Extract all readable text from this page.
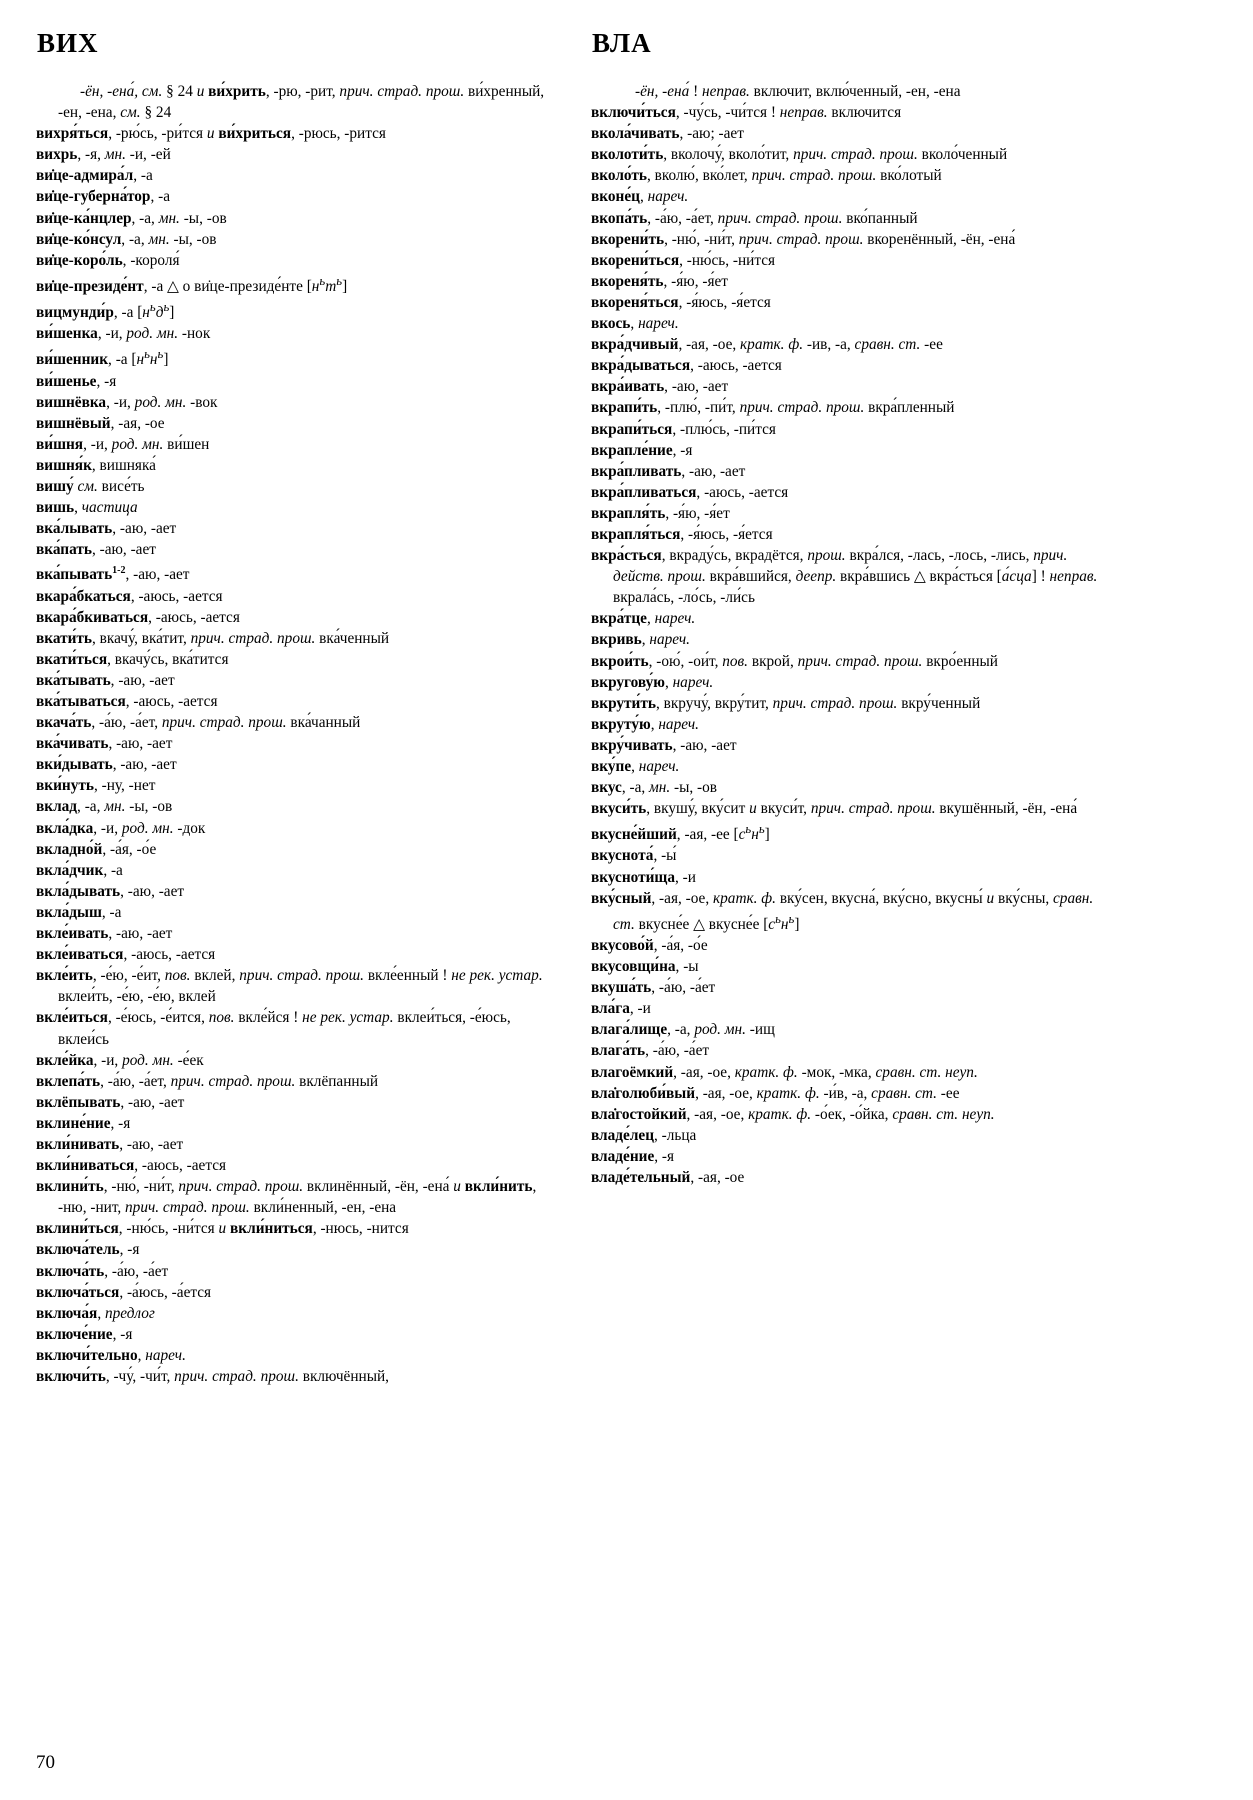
ВИХ	ВЛА
-ён, -ена́, см. § 24 и ви́хрить, -рю, -рит, прич. страд. прош. ви́хренный, -ен, -ена, см. § 24
вихря́ться, -рю́сь, -ри́тся и ви́хриться, -рюсь, -рится
вихрь, -я, мн. -и, -ей
ви̇це-адмира́л, -а
ви̇це-губерна́тор, -а
ви̇це-ка́нцлер, -а, мн. -ы, -ов
ви̇це-ко́нсул, -а, мн. -ы, -ов
ви̇це-коро́ль, -короля́
ви̇це-президе́нт, -а △ о ви̇це-президе́нте $[н^ьт^ь]$
вицмунди́р, -а $[н^ьд^ь]$
ви́шенка, -и, род. мн. -нок
ви́шенник, -а $[н^ьн^ь]$
ви́шенье, -я
вишнёвка, -и, род. мн. -вок
вишнёвый, -ая, -ое
ви́шня, -и, род. мн. ви́шен
вишня́к, вишняка́
вишу́ см. висе́ть
вишь, частица
вка́лывать, -аю, -ает
вка́пать, -аю, -ает
вка́пывать$^{1-2}$, -аю, -ает
вкара́бкаться, -аюсь, -ается
вкара́бкиваться, -аюсь, -ается
вкати́ть, вкачу́, вка́тит, прич. страд. прош. вка́ченный
вкати́ться, вкачу́сь, вка́тится
вка́тывать, -аю, -ает
вка́тываться, -аюсь, -ается
вкача́ть, -а́ю, -а́ет, прич. страд. прош. вка́чанный
вка́чивать, -аю, -ает
вки́дывать, -аю, -ает
вки́нуть, -ну, -нет
вклад, -а, мн. -ы, -ов
вкла́дка, -и, род. мн. -док
вкладно́й, -а́я, -о́е
вкла́дчик, -а
вкла́дывать, -аю, -ает
вкла́дыш, -а
вкле́ивать, -аю, -ает
вкле́иваться, -аюсь, -ается
вкле́ить, -е́ю, -е́ит, пов. вклей, прич. страд. прош. вкле́енный ! не рек. устар. вклеи́ть, -е́ю, -е́ю, вклей
вкле́иться, -е́юсь, -е́ится, пов. вкле́йся ! не рек. устар. вклеи́ться, -е́юсь, вклеи́сь
вкле́йка, -и, род. мн. -е́ек
вклепа́ть, -а́ю, -а́ет, прич. страд. прош. вклёпанный
вклёпывать, -аю, -ает
вклине́ние, -я
вкли́нивать, -аю, -ает
вкли́ниваться, -аюсь, -ается
вклини́ть, -ню́, -ни́т, прич. страд. прош. вклинённый, -ён, -ена́ и вкли́нить, -ню, -нит, прич. страд. прош. вкли́ненный, -ен, -ена
вклини́ться, -ню́сь, -ни́тся и вкли́ниться, -нюсь, -нится
включа́тель, -я
включа́ть, -а́ю, -а́ет
включа́ться, -а́юсь, -а́ется
включа́я, предлог
включе́ние, -я
включи́тельно, нареч.
включи́ть, -чу́, -чи́т, прич. страд. прош. включённый,
-ён, -ена́ ! неправ. включит, вклю́ченный, -ен, -ена
включи́ться, -чу́сь, -чи́тся ! неправ. включится
вкола́чивать, -аю; -ает
вколоти́ть, вколочу́, вколо́тит, прич. страд. прош. вколо́ченный
вколо́ть, вколю́, вко́лет, прич. страд. прош. вко́лотый
вконе́ц, нареч.
вкопа́ть, -а́ю, -а́ет, прич. страд. прош. вко́панный
вкорени́ть, -ню́, -ни́т, прич. страд. прош. вкоренённый, -ён, -ена́
вкорени́ться, -ню́сь, -ни́тся
вкореня́ть, -я́ю, -я́ет
вкореня́ться, -я́юсь, -я́ется
вкось, нареч.
вкра́дчивый, -ая, -ое, кратк. ф. -ив, -а, сравн. ст. -ее
вкра́дываться, -аюсь, -ается
вкра́ивать, -аю, -ает
вкрапи́ть, -плю́, -пи́т, прич. страд. прош. вкра́пленный
вкрапи́ться, -плю́сь, -пи́тся
вкрапле́ние, -я
вкра́пливать, -аю, -ает
вкра́пливаться, -аюсь, -ается
вкрапля́ть, -я́ю, -я́ет
вкрапля́ться, -я́юсь, -я́ется
вкра́сться, вкраду́сь, вкрадётся, прош. вкра́лся, -лась, -лось, -лись, прич. действ. прош. вкра́вшийся, деепр. вкра́вшись △ вкра́сться [а́сца] ! неправ. вкрала́сь, -ло́сь, -ли́сь
вкра́тце, нареч.
вкривь, нареч.
вкрои́ть, -ою́, -ои́т, пов. вкрой, прич. страд. прош. вкро́енный
вкругову́ю, нареч.
вкрути́ть, вкручу́, вкру́тит, прич. страд. прош. вкру́ченный
вкруту́ю, нареч.
вкру́чивать, -аю, -ает
вку́пе, нареч.
вкус, -а, мн. -ы, -ов
вкуси́ть, вкушу́, вку́сит и вкуси́т, прич. страд. прош. вкушённый, -ён, -ена́
вкусне́йший, -ая, -ее $[с^ьн^ь]$
вкуснота́, -ы́
вкусноти́ща, -и
вку́сный, -ая, -ое, кратк. ф. вку́сен, вкусна́, вку́сно, вкусны́ и вку́сны, сравн. ст. вкусне́е △ вкусне́е $[с^ьн^ь]$
вкусово́й, -а́я, -о́е
вкусовщи́на, -ы
вкуша́ть, -а́ю, -а́ет
вла́га, -и
влага́лище, -а, род. мн. -ищ
влага́ть, -а́ю, -а́ет
влагоёмкий, -ая, -ое, кратк. ф. -мок, -мка, сравн. ст. неуп.
вла̇голюби́вый, -ая, -ое, кратк. ф. -и́в, -а, сравн. ст. -ее
вла̇гостойкий, -ая, -ое, кратк. ф. -о́ек, -о́йка, сравн. ст. неуп.
владе́лец, -льца
владе́ние, -я
владе́тельный, -ая, -ое
70
